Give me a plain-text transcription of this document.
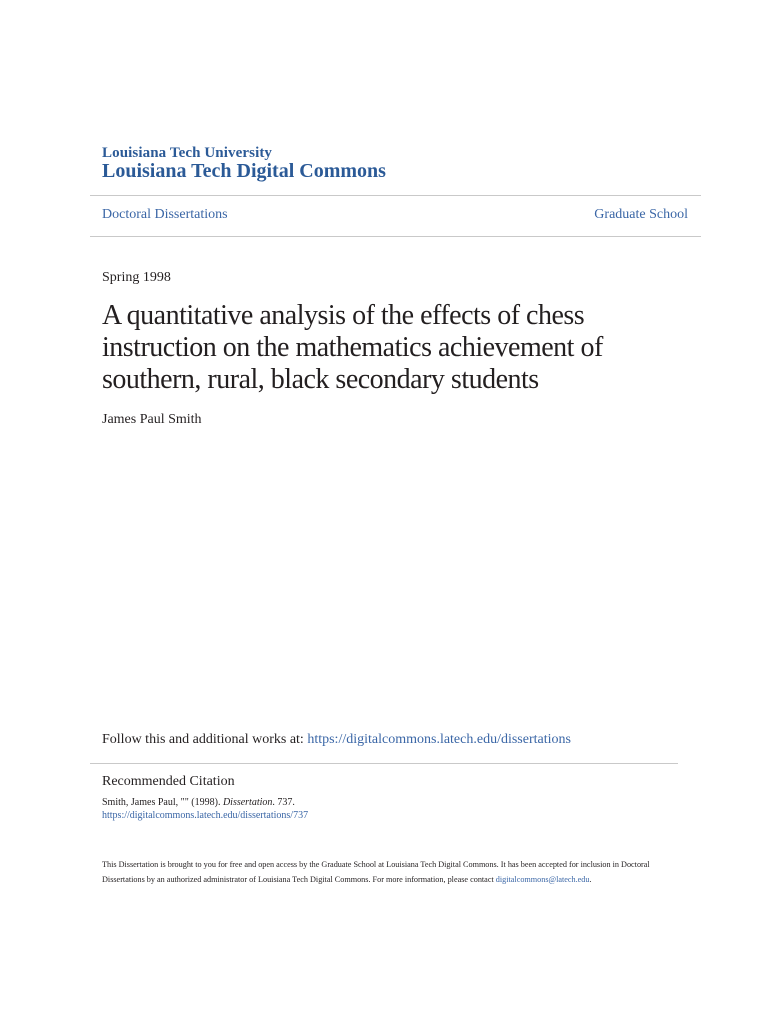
Louisiana Tech University
Louisiana Tech Digital Commons
Doctoral Dissertations	Graduate School
Spring 1998
A quantitative analysis of the effects of chess instruction on the mathematics achievement of southern, rural, black secondary students
James Paul Smith
Follow this and additional works at: https://digitalcommons.latech.edu/dissertations
Recommended Citation
Smith, James Paul, "" (1998). Dissertation. 737.
https://digitalcommons.latech.edu/dissertations/737
This Dissertation is brought to you for free and open access by the Graduate School at Louisiana Tech Digital Commons. It has been accepted for inclusion in Doctoral Dissertations by an authorized administrator of Louisiana Tech Digital Commons. For more information, please contact digitalcommons@latech.edu.
